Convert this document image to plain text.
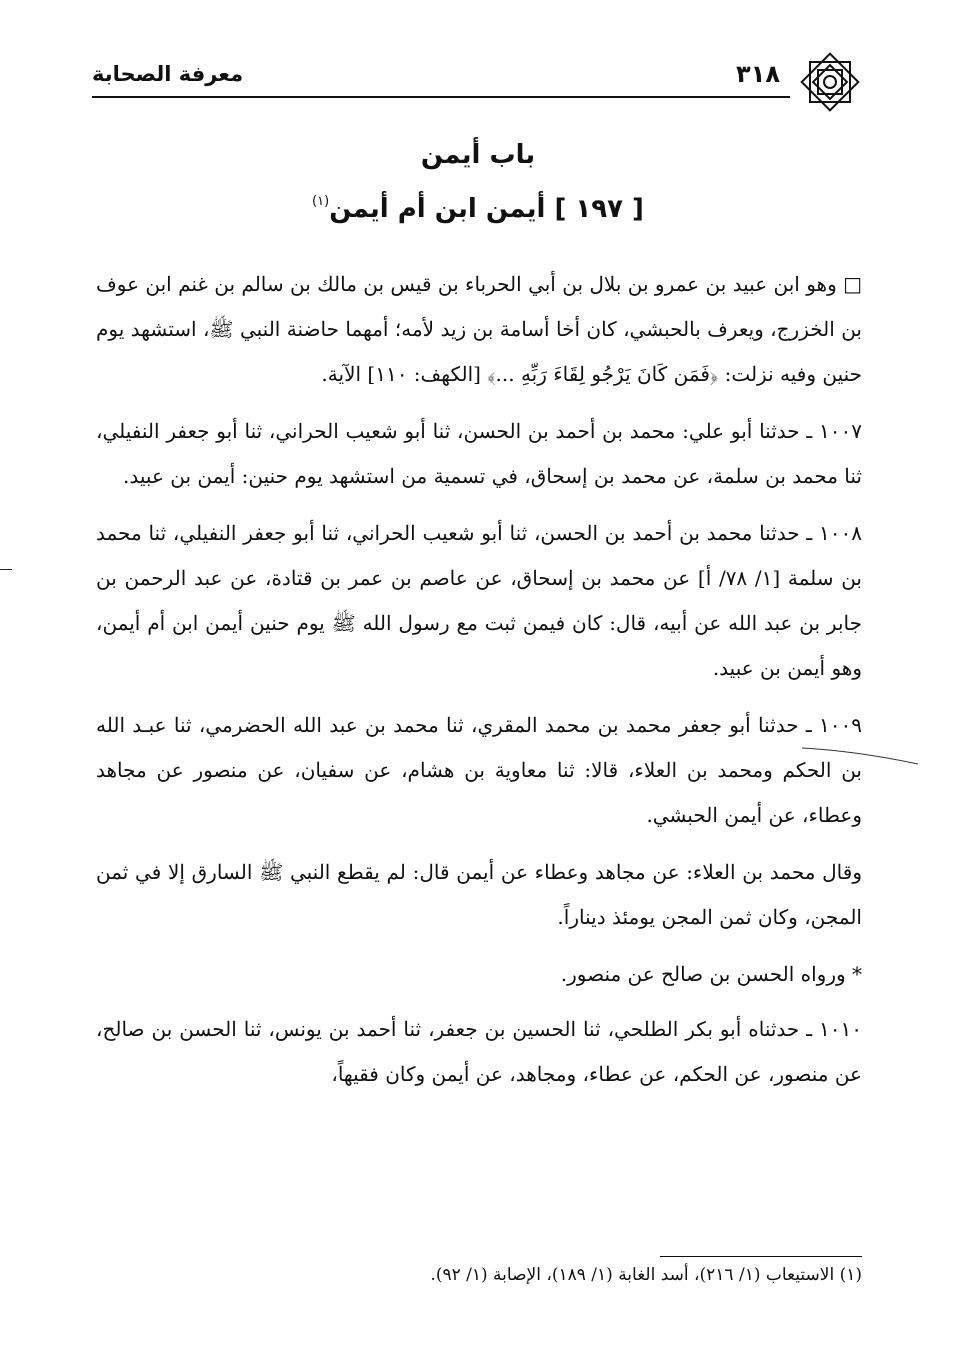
معرفة الصحابة	٣١٨
باب أيمن
[ ١٩٧ ] أيمن ابن أم أيمن$^{(١)}$

□ وهو ابن عبيد بن عمرو بن بلال بن أبي الحرباء بن قيس بن مالك بن سالم بن غنم ابن عوف بن الخزرج، ويعرف بالحبشي، كان أخا أسامة بن زيد لأمه؛ أمهما حاضنة النبي ﷺ، استشهد يوم حنين وفيه نزلت: ﴿فَمَن كَانَ يَرْجُو لِقَاءَ رَبِّهِ ...﴾ [الكهف: ١١٠] الآية.

١٠٠٧ ـ حدثنا أبو علي: محمد بن أحمد بن الحسن، ثنا أبو شعيب الحراني، ثنا أبو جعفر النفيلي، ثنا محمد بن سلمة، عن محمد بن إسحاق، في تسمية من استشهد يوم حنين: أيمن بن عبيد.

١٠٠٨ ـ حدثنا محمد بن أحمد بن الحسن، ثنا أبو شعيب الحراني، ثنا أبو جعفر النفيلي، ثنا محمد بن سلمة [١/ ٧٨/ أ] عن محمد بن إسحاق، عن عاصم بن عمر بن قتادة، عن عبد الرحمن بن جابر بن عبد الله عن أبيه، قال: كان فيمن ثبت مع رسول الله ﷺ يوم حنين أيمن ابن أم أيمن، وهو أيمن بن عبيد.

١٠٠٩ ـ حدثنا أبو جعفر محمد بن محمد المقري، ثنا محمد بن عبد الله الحضرمي، ثنا عبـد الله بن الحكم ومحمد بن العلاء، قالا: ثنا معاوية بن هشام، عن سفيان، عن منصور عن مجاهد وعطاء، عن أيمن الحبشي.

وقال محمد بن العلاء: عن مجاهد وعطاء عن أيمن قال: لم يقطع النبي ﷺ السارق إلا في ثمن المجن، وكان ثمن المجن يومئذ ديناراً.

* ورواه الحسن بن صالح عن منصور.

١٠١٠ ـ حدثناه أبو بكر الطلحي، ثنا الحسين بن جعفر، ثنا أحمد بن يونس، ثنا الحسن بن صالح، عن منصور، عن الحكم، عن عطاء، ومجاهد، عن أيمن وكان فقيهاً،

(١) الاستيعاب (١/ ٢١٦)، أسد الغابة (١/ ١٨٩)، الإصابة (١/ ٩٢).
